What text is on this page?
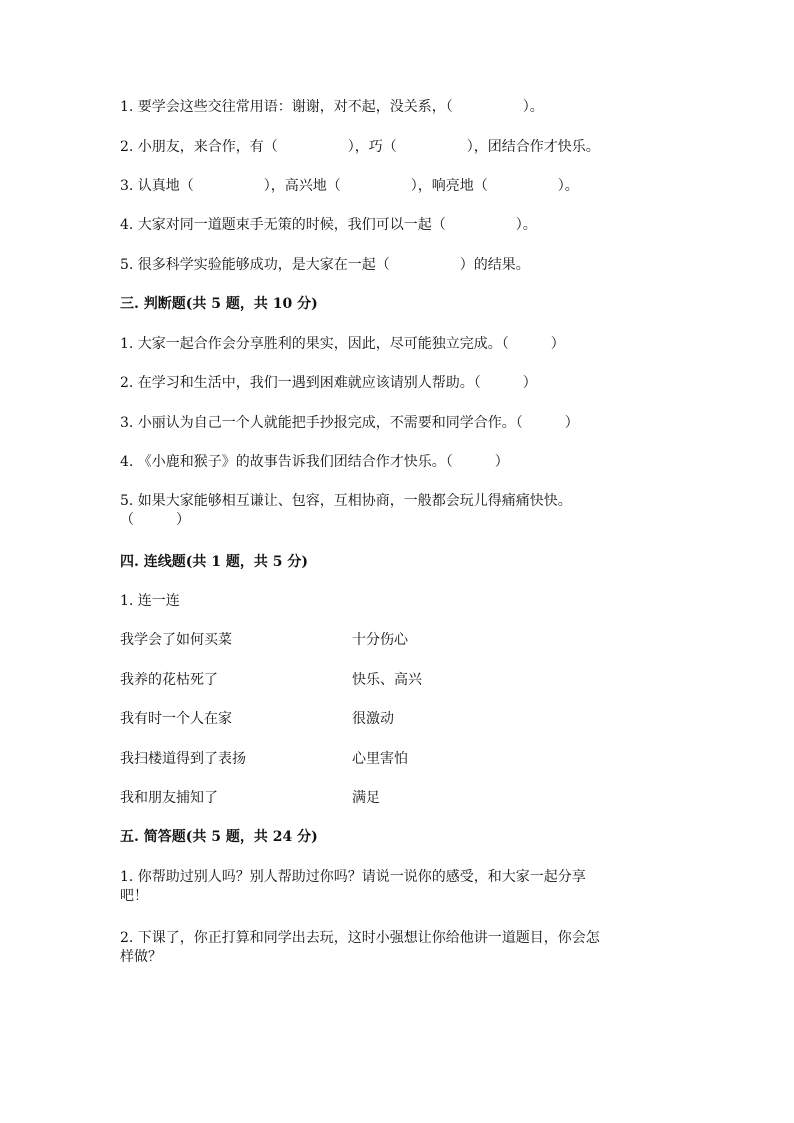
1. 要学会这些交往常用语：谢谢，对不起，没关系，（　　　　　）。
2. 小朋友，来合作，有（　　　　　），巧（　　　　　），团结合作才快乐。
3. 认真地（　　　　　），高兴地（　　　　　），响亮地（　　　　　）。
4. 大家对同一道题束手无策的时候，我们可以一起（　　　　　）。
5. 很多科学实验能够成功，是大家在一起（　　　　　）的结果。
三. 判断题(共 5 题，共 10 分)
1. 大家一起合作会分享胜利的果实，因此，尽可能独立完成。（　　　）
2. 在学习和生活中，我们一遇到困难就应该请别人帮助。（　　　）
3. 小丽认为自己一个人就能把手抄报完成，不需要和同学合作。（　　　）
4. 《小鹿和猴子》的故事告诉我们团结合作才快乐。（　　　）
5. 如果大家能够相互谦让、包容，互相协商，一般都会玩儿得痛痛快快。
（　　　）
四. 连线题(共 1 题，共 5 分)
1. 连一连
我学会了如何买菜	十分伤心
我养的花枯死了	快乐、高兴
我有时一个人在家	很激动
我扫楼道得到了表扬	心里害怕
我和朋友捕知了	满足
五. 简答题(共 5 题，共 24 分)
1. 你帮助过别人吗？别人帮助过你吗？请说一说你的感受，和大家一起分享
吧！
2. 下课了，你正打算和同学出去玩，这时小强想让你给他讲一道题目，你会怎
样做？
